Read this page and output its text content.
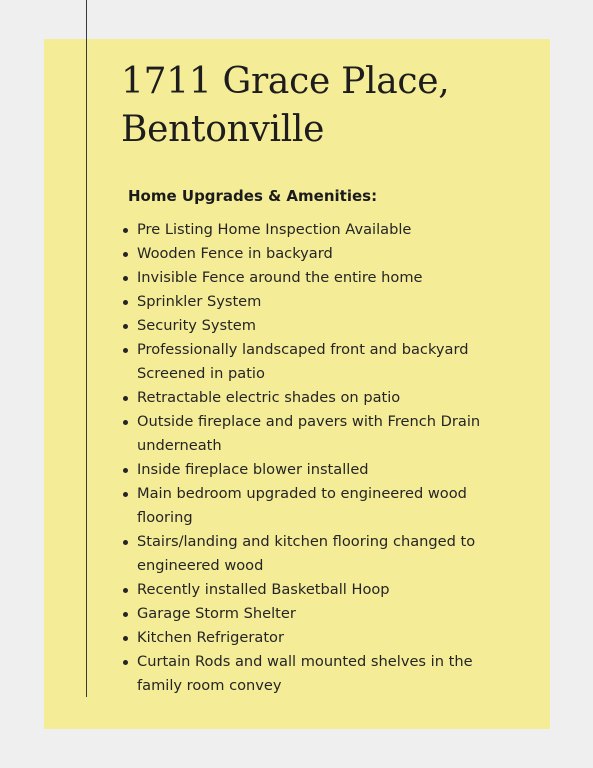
1711 Grace Place,
Bentonville
Home Upgrades & Amenities:
Pre Listing Home Inspection Available
Wooden Fence in backyard
Invisible Fence around the entire home
Sprinkler System
Security System
Professionally landscaped front and backyard Screened in patio
Retractable electric shades on patio
Outside fireplace and pavers with French Drain underneath
Inside fireplace blower installed
Main bedroom upgraded to engineered wood flooring
Stairs/landing and kitchen flooring changed to engineered wood
Recently installed Basketball Hoop
Garage Storm Shelter
Kitchen Refrigerator
Curtain Rods and wall mounted shelves in the family room convey
